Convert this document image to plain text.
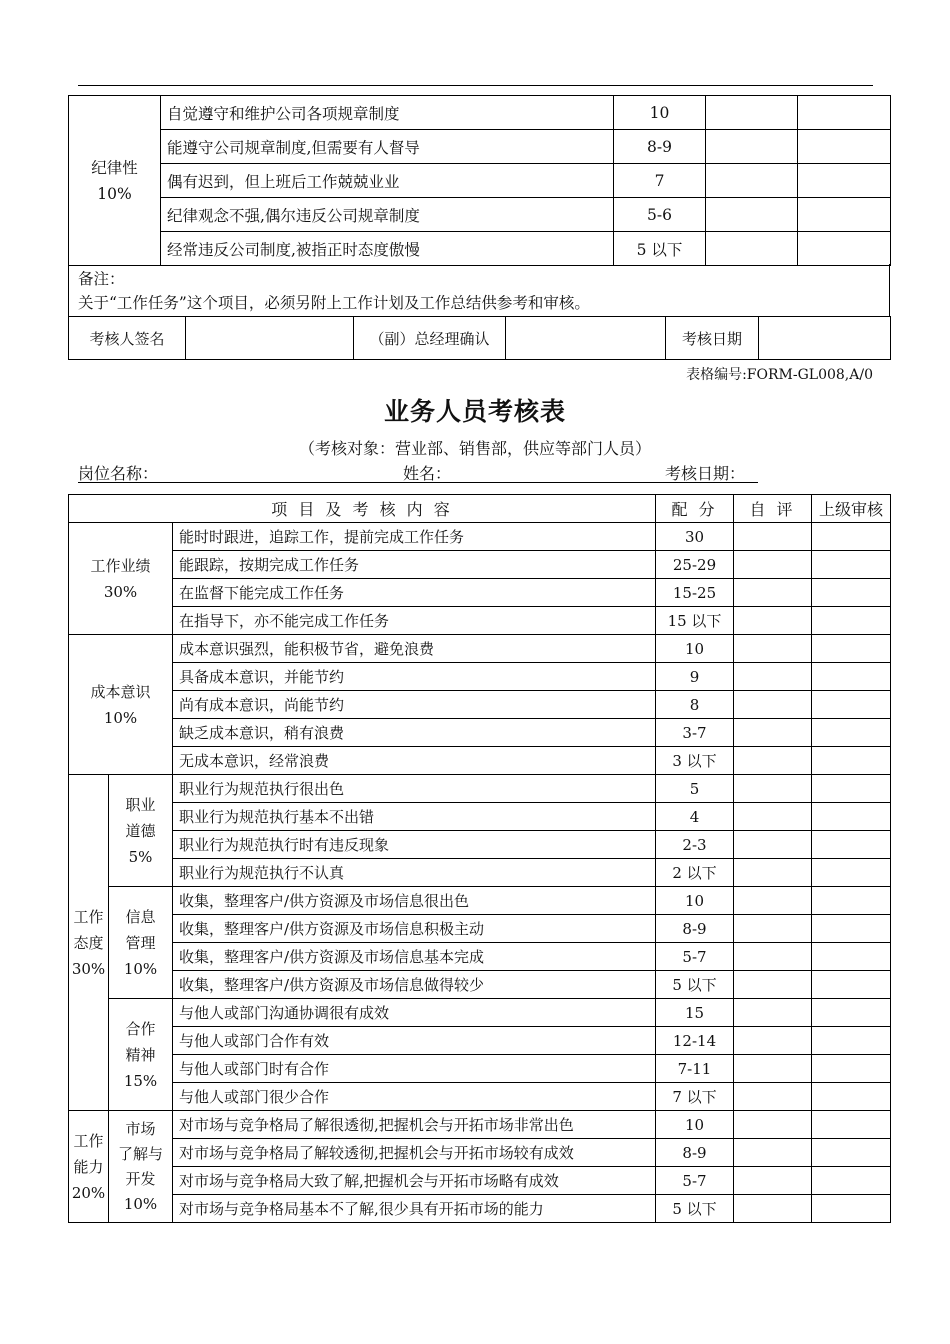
纪律性
10%	自觉遵守和维护公司各项规章制度	10		
	能遵守公司规章制度,但需要有人督导	8-9		
	偶有迟到，但上班后工作兢兢业业	7		
	纪律观念不强,偶尔违反公司规章制度	5-6		
	经常违反公司制度,被指正时态度傲慢	5 以下		
备注：
关于“工作任务”这个项目，必须另附上工作计划及工作总结供参考和审核。
考核人签名		（副）总经理确认		考核日期	
表格编号:FORM-GL008,A/0
业务人员考核表
（考核对象：营业部、销售部，供应等部门人员）
岗位名称：	姓名：	考核日期：
项 目 及 考 核 内 容			配 分	自 评	上级审核
工作业绩
30%		能时时跟进，追踪工作，提前完成工作任务	30		
		能跟踪，按期完成工作任务	25-29		
		在监督下能完成工作任务	15-25		
		在指导下，亦不能完成工作任务	15 以下		
成本意识
10%		成本意识强烈，能积极节省，避免浪费	10		
		具备成本意识，并能节约	9		
		尚有成本意识，尚能节约	8		
		缺乏成本意识，稍有浪费	3-7		
		无成本意识，经常浪费	3 以下		
工作
态度
30%	职业
道德
5%	职业行为规范执行很出色	5		
		职业行为规范执行基本不出错	4		
		职业行为规范执行时有违反现象	2-3		
		职业行为规范执行不认真	2 以下		
	信息
管理
10%	收集，整理客户/供方资源及市场信息很出色	10		
		收集，整理客户/供方资源及市场信息积极主动	8-9		
		收集，整理客户/供方资源及市场信息基本完成	5-7		
		收集，整理客户/供方资源及市场信息做得较少	5 以下		
	合作
精神
15%	与他人或部门沟通协调很有成效	15		
		与他人或部门合作有效	12-14		
		与他人或部门时有合作	7-11		
		与他人或部门很少合作	7 以下		
工作
能力
20%	市场
了解与
开发
10%	对市场与竞争格局了解很透彻,把握机会与开拓市场非常出色	10		
		对市场与竞争格局了解较透彻,把握机会与开拓市场较有成效	8-9		
		对市场与竞争格局大致了解,把握机会与开拓市场略有成效	5-7		
		对市场与竞争格局基本不了解,很少具有开拓市场的能力	5 以下		
